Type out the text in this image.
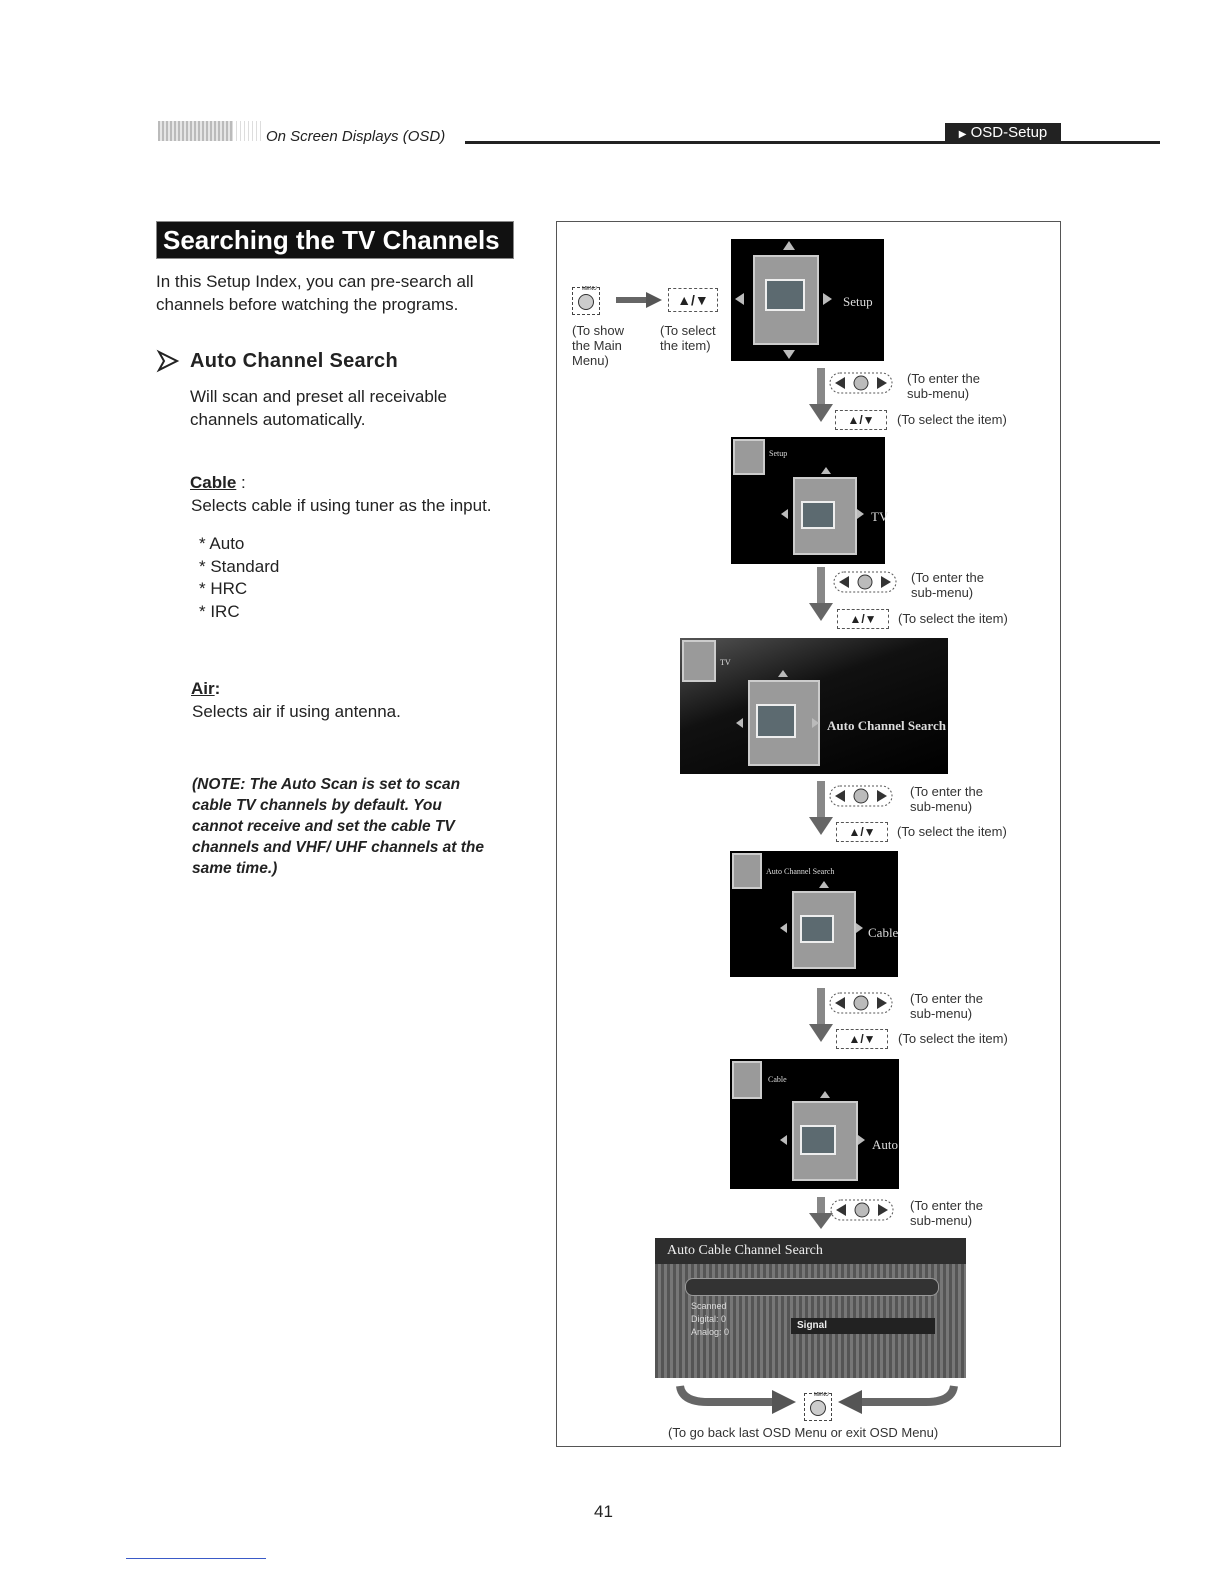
On Screen Displays (OSD)	▶ OSD-Setup
Searching the TV Channels
In this Setup Index, you can pre-search all
channels before watching the programs.
Auto Channel Search
Will scan and preset all receivable
channels automatically.
Cable :
Selects cable if using tuner as the input.
* Auto
* Standard
* HRC
* IRC
Air:
Selects air if using antenna.
(NOTE: The Auto Scan is set to scan
cable TV channels by default. You
cannot receive and set the cable TV
channels and VHF/ UHF channels at the
same time.)
MENU
▲/▼
(To show
the Main
Menu)
(To select
the item)
Setup
(To enter the
sub-menu)
▲/▼	(To select the item)
Setup
TV
(To enter the
sub-menu)
▲/▼	(To select the item)
TV
Auto Channel Search
(To enter the
sub-menu)
▲/▼	(To select the item)
Auto Channel Search
Cable
(To enter the
sub-menu)
▲/▼	(To select the item)
Cable
Auto
(To enter the
sub-menu)
Auto Cable Channel Search
Scanned
Digital: 0
Analog: 0
Signal
MENU
(To go back last OSD Menu or exit OSD Menu)
41
